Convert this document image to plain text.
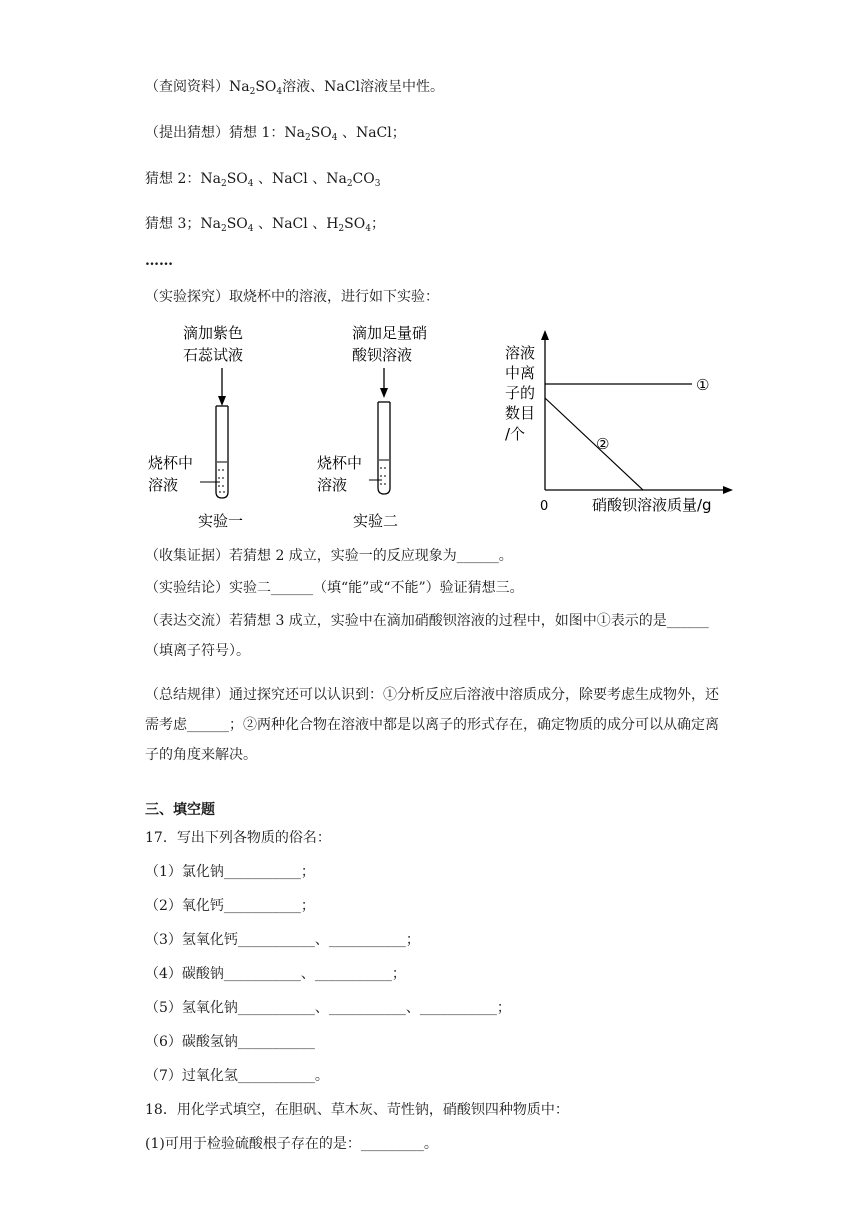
（查阅资料）$Na_2SO_4$溶液、NaCl溶液呈中性。
（提出猜想）猜想 1：$Na_2SO_4$ 、NaCl；
猜想 2：$Na_2SO_4$ 、NaCl 、$Na_2CO_3$
猜想 3；$Na_2SO_4$ 、NaCl 、$H_2SO_4$；
……
（实验探究）取烧杯中的溶液，进行如下实验：
滴加紫色
石蕊试液
烧杯中
溶液
实验一
滴加足量硝
酸钡溶液
烧杯中
溶液
实验二
溶液
中离
子的
数目
/个
0	硝酸钡溶液质量/g
①
②
（收集证据）若猜想 2 成立，实验一的反应现象为______。
（实验结论）实验二______（填“能”或“不能”）验证猜想三。
（表达交流）若猜想 3 成立，实验中在滴加硝酸钡溶液的过程中，如图中①表示的是______（填离子符号）。
（总结规律）通过探究还可以认识到：①分析反应后溶液中溶质成分，除要考虑生成物外，还需考虑______；②两种化合物在溶液中都是以离子的形式存在，确定物质的成分可以从确定离子的角度来解决。
三、填空题
17．写出下列各物质的俗名：
（1）氯化钠___________；
（2）氧化钙___________；
（3）氢氧化钙___________、___________；
（4）碳酸钠___________、___________；
（5）氢氧化钠___________、___________、___________；
（6）碳酸氢钠___________
（7）过氧化氢___________。
18．用化学式填空，在胆矾、草木灰、苛性钠，硝酸钡四种物质中：
(1)可用于检验硫酸根子存在的是：_________。
